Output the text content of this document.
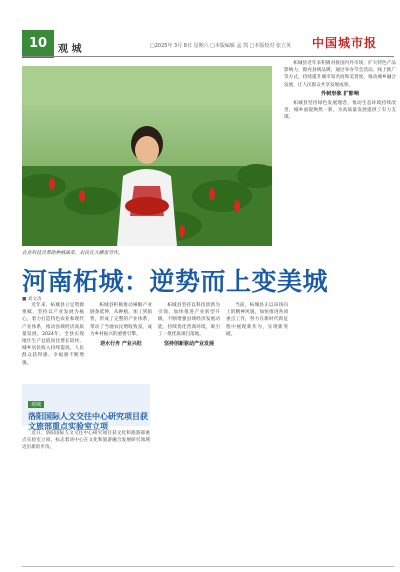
10	观 城	□2025年 3月 8日 星期六 □本版编辑 孟 凯 □本版校对 张立英 中国城市报
农业科技员帮助种植蔬菜，农民在大棚里劳作。

柘城县近年来积极对接国内外市场，扩大特色产品影响力，擦亮县域品牌，通过举办节会活动、线上推广等方式，持续提升城市知名度和美誉度，推动城乡融合发展，让人民群众共享发展成果。

外树形象 扩影响

柘城县坚持绿色发展理念，推动生态环境持续改善，城乡面貌焕然一新，为高质量发展提供了有力支撑。

河南柘城：逆势而上变美城
■ 刘文涛

近年来，柘城县立足资源禀赋，坚持以产业发展为核心，着力打造特色农业和现代产业体系，推动县域经济高质量发展。2024年，全县实现地区生产总值同比增长较快，城乡居民收入持续提高，人民群众获得感、幸福感不断增强。

柘城县积极推动辣椒产业链条延伸，从种植、加工到销售，形成了完整的产业体系，带动了当地农民增收致富，成为乡村振兴的重要引擎。

逆水行舟 产业兴旺

柘城县坚持以科技创新为引领，加快推进产业转型升级，不断增强县域经济发展动能，持续优化营商环境，吸引了一批优质项目落地。

坚持创新驱动产业发展

当前，柘城县正以昂扬向上的精神风貌，加快推进各项重点工作，努力在新时代新征程中展现新作为，实现新突破。

观城
洛阳国际人文交往中心研究项目获文旅部重点实验室立项

近日，洛阳国际人文交往中心研究项目获文化和旅游部重点实验室立项，标志着该中心在文化和旅游融合发展研究领域迈出新的步伐。
